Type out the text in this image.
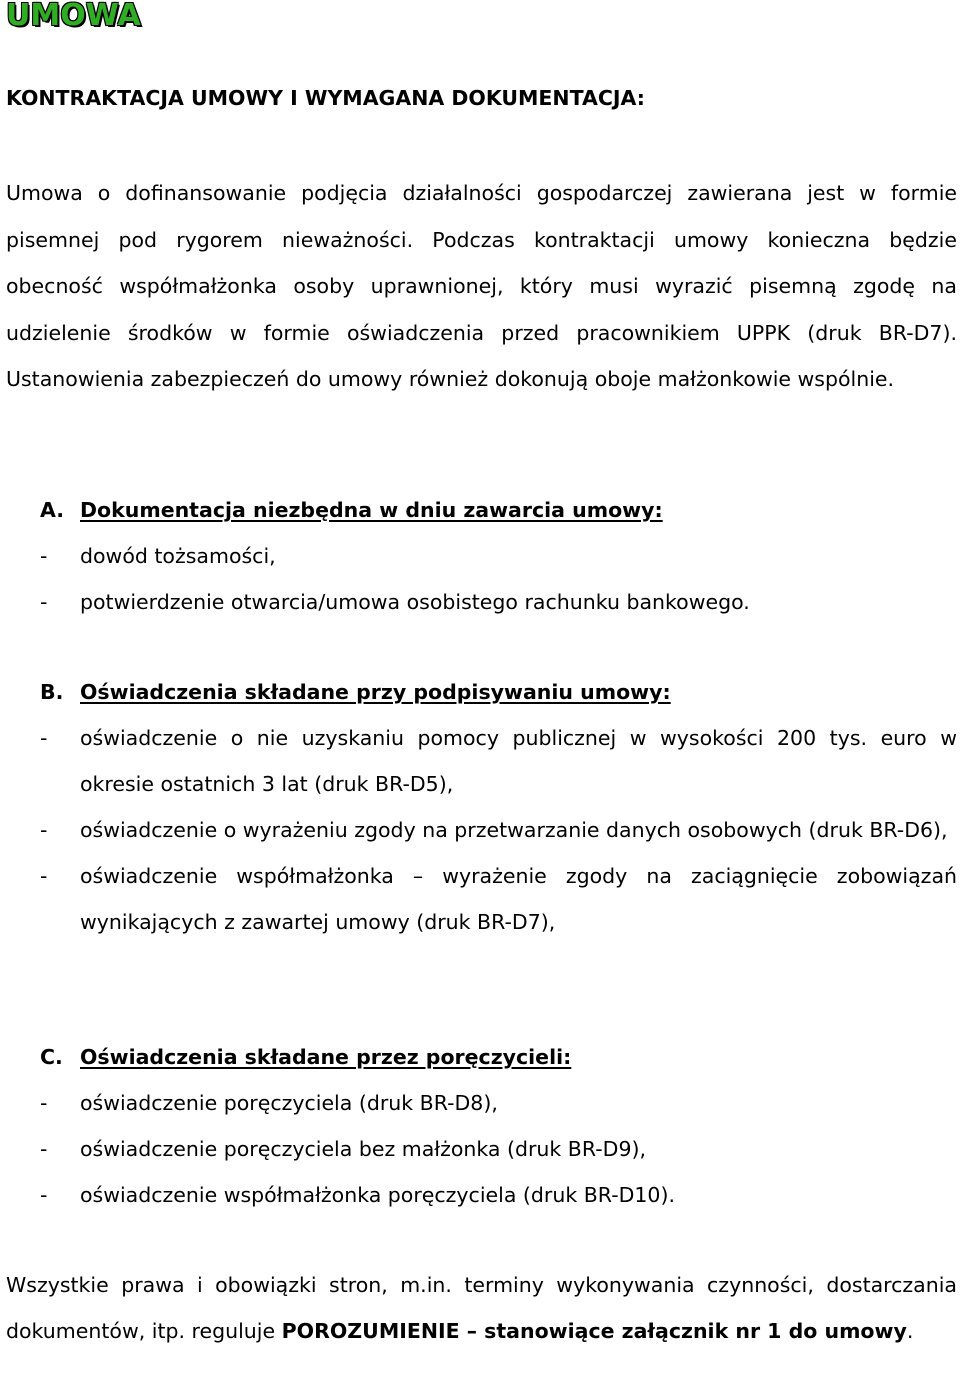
UMOWA
KONTRAKTACJA UMOWY I WYMAGANA DOKUMENTACJA:

Umowa o dofinansowanie podjęcia działalności gospodarczej zawierana jest w formie pisemnej pod rygorem nieważności. Podczas kontraktacji umowy konieczna będzie obecność współmałżonka osoby uprawnionej, który musi wyrazić pisemną zgodę na udzielenie środków w formie oświadczenia przed pracownikiem UPPK (druk BR-D7). Ustanowienia zabezpieczeń do umowy również dokonują oboje małżonkowie wspólnie.

A. Dokumentacja niezbędna w dniu zawarcia umowy:
- dowód tożsamości,
- potwierdzenie otwarcia/umowa osobistego rachunku bankowego.
B. Oświadczenia składane przy podpisywaniu umowy:
- oświadczenie o nie uzyskaniu pomocy publicznej w wysokości 200 tys. euro w okresie ostatnich 3 lat (druk BR-D5),
- oświadczenie o wyrażeniu zgody na przetwarzanie danych osobowych (druk BR-D6),
- oświadczenie współmałżonka – wyrażenie zgody na zaciągnięcie zobowiązań wynikających z zawartej umowy (druk BR-D7),
C. Oświadczenia składane przez poręczycieli:
- oświadczenie poręczyciela (druk BR-D8),
- oświadczenie poręczyciela bez małżonka (druk BR-D9),
- oświadczenie współmałżonka poręczyciela (druk BR-D10).

Wszystkie prawa i obowiązki stron, m.in. terminy wykonywania czynności, dostarczania dokumentów, itp. reguluje POROZUMIENIE – stanowiące załącznik nr 1 do umowy.
